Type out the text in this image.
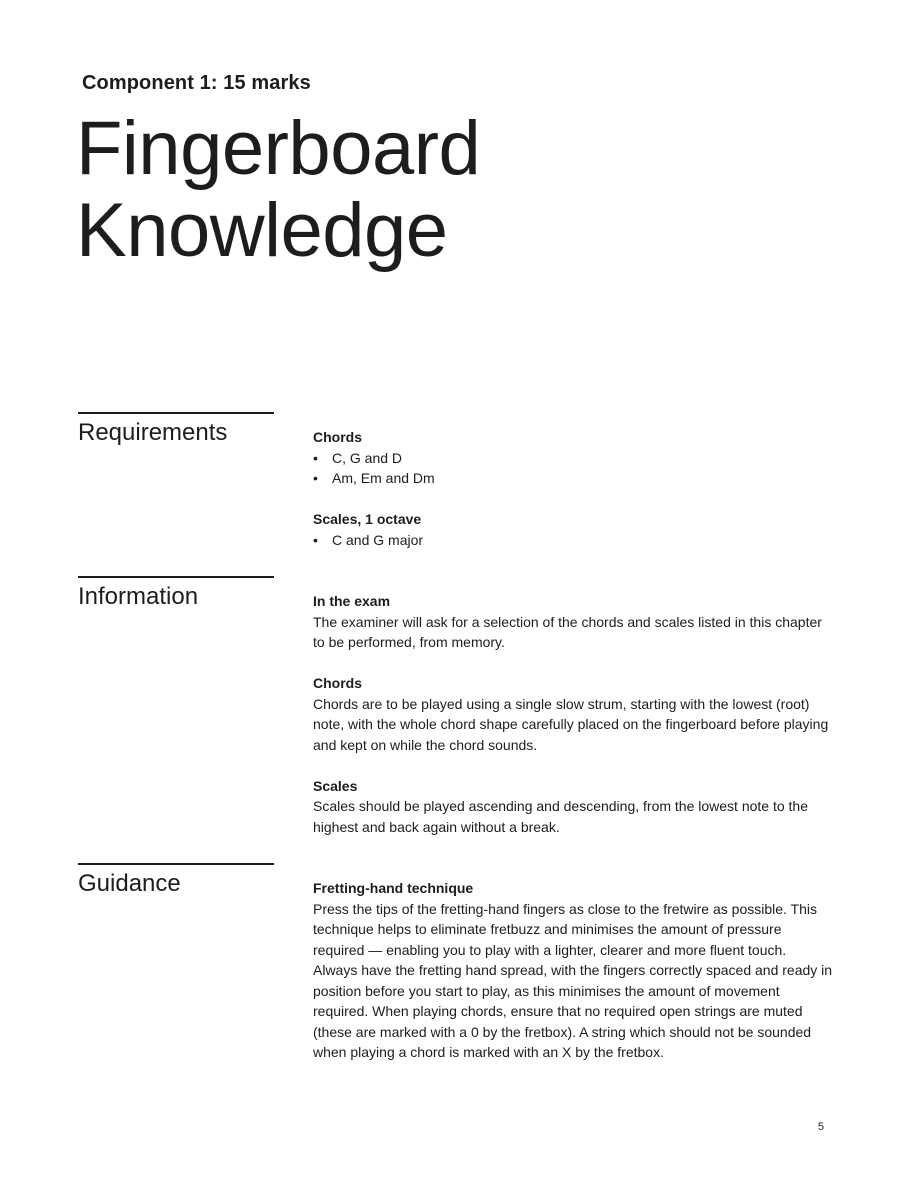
Component 1: 15 marks
Fingerboard
Knowledge
Requirements	Chords
• C, G and D
• Am, Em and Dm
Scales, 1 octave
• C and G major
Information	In the exam

The examiner will ask for a selection of the chords and scales listed in this chapter to be performed, from memory.

Chords

Chords are to be played using a single slow strum, starting with the lowest (root) note, with the whole chord shape carefully placed on the fingerboard before playing and kept on while the chord sounds.

Scales

Scales should be played ascending and descending, from the lowest note to the highest and back again without a break.

Guidance	Fretting-hand technique

Press the tips of the fretting-hand fingers as close to the fretwire as possible. This technique helps to eliminate fretbuzz and minimises the amount of pressure required — enabling you to play with a lighter, clearer and more fluent touch. Always have the fretting hand spread, with the fingers correctly spaced and ready in position before you start to play, as this minimises the amount of movement required. When playing chords, ensure that no required open strings are muted (these are marked with a 0 by the fretbox). A string which should not be sounded when playing a chord is marked with an X by the fretbox.

5
